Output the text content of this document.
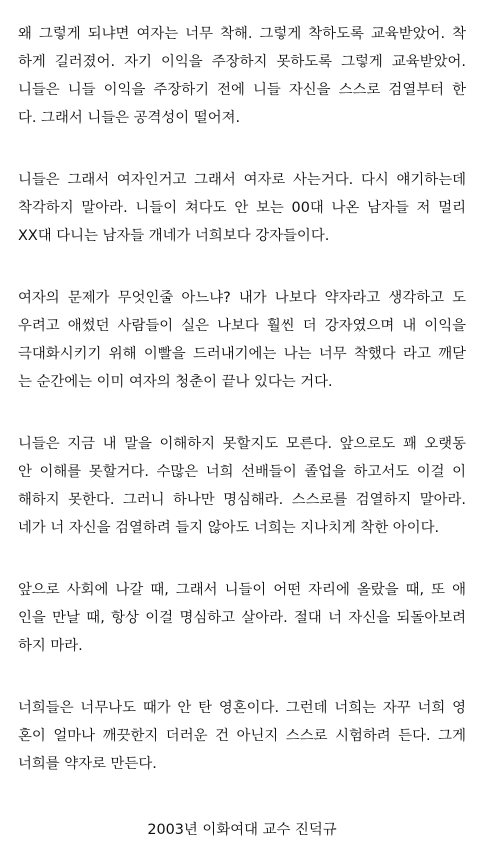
왜 그렇게 되냐면 여자는 너무 착해. 그렇게 착하도록 교육받았어. 착
하게 길러졌어. 자기 이익을 주장하지 못하도록 그렇게 교육받았어.
니들은 니들 이익을 주장하기 전에 니들 자신을 스스로 검열부터 한
다. 그래서 니들은 공격성이 떨어져.
니들은 그래서 여자인거고 그래서 여자로 사는거다. 다시 얘기하는데
착각하지 말아라. 니들이 쳐다도 안 보는 00대 나온 남자들 저 멀리
XX대 다니는 남자들 개네가 너희보다 강자들이다.
여자의 문제가 무엇인줄 아느냐? 내가 나보다 약자라고 생각하고 도
우려고 애썼던 사람들이 실은 나보다 훨씬 더 강자였으며 내 이익을
극대화시키기 위해 이빨을 드러내기에는 나는 너무 착했다 라고 깨닫
는 순간에는 이미 여자의 청춘이 끝나 있다는 거다.
니들은 지금 내 말을 이해하지 못할지도 모른다. 앞으로도 꽤 오랫동
안 이해를 못할거다. 수많은 너희 선배들이 졸업을 하고서도 이걸 이
해하지 못한다. 그러니 하나만 명심해라. 스스로를 검열하지 말아라.
네가 너 자신을 검열하려 들지 않아도 너희는 지나치게 착한 아이다.
앞으로 사회에 나갈 때, 그래서 니들이 어떤 자리에 올랐을 때, 또 애
인을 만날 때, 항상 이걸 명심하고 살아라. 절대 너 자신을 되돌아보려
하지 마라.
너희들은 너무나도 때가 안 탄 영혼이다. 그런데 너희는 자꾸 너희 영
혼이 얼마나 깨끗한지 더러운 건 아닌지 스스로 시험하려 든다. 그게
너희를 약자로 만든다.
2003년 이화여대 교수 진덕규
